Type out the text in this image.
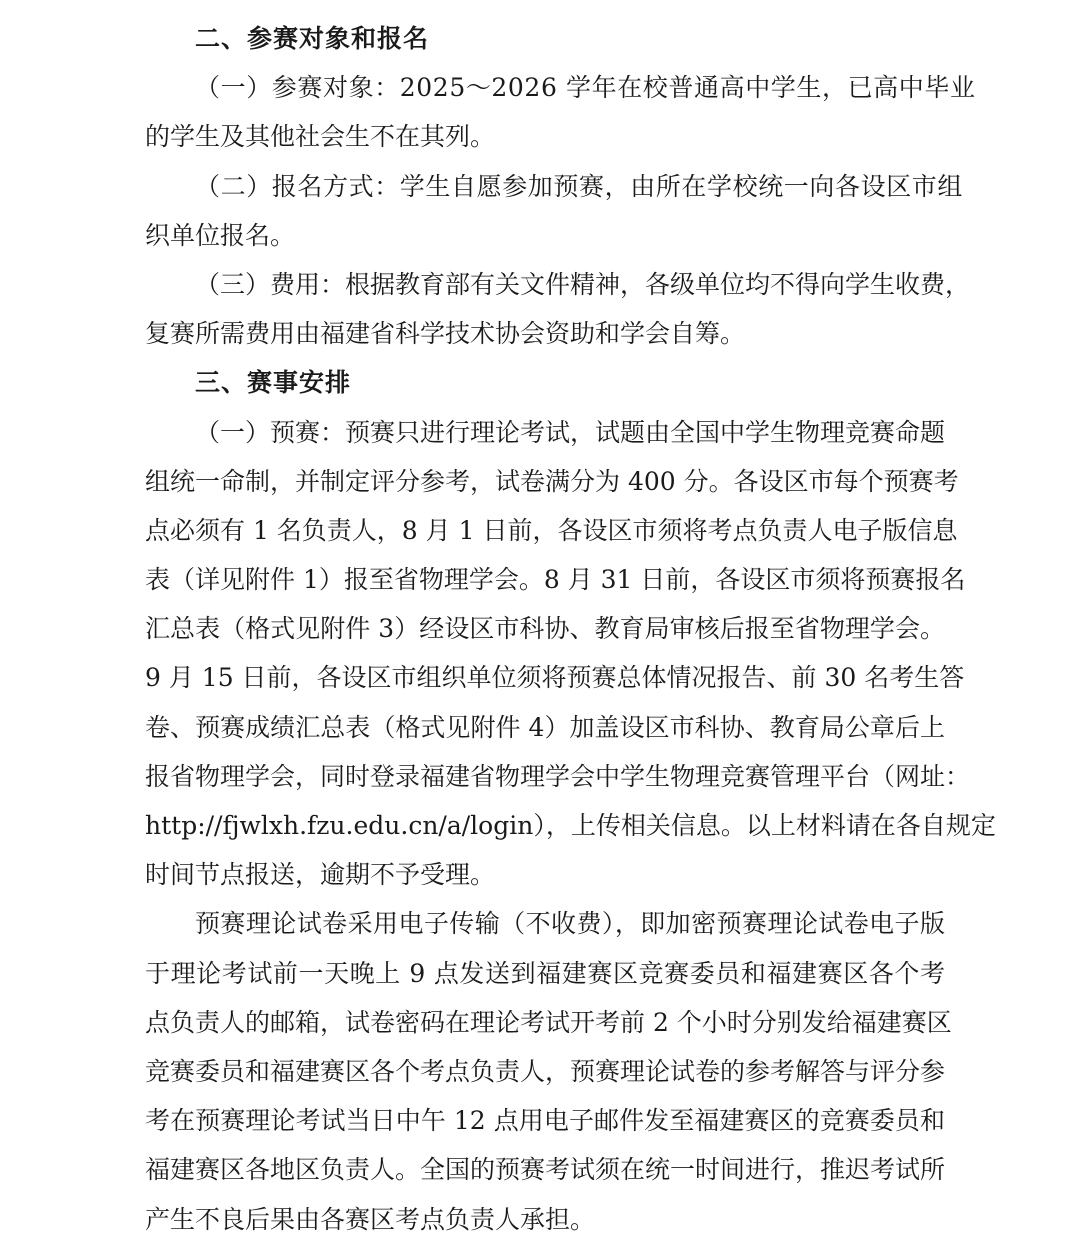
二、参赛对象和报名
（一）参赛对象：2025～2026 学年在校普通高中学生，已高中毕业
的学生及其他社会生不在其列。
（二）报名方式：学生自愿参加预赛，由所在学校统一向各设区市组
织单位报名。
（三）费用：根据教育部有关文件精神，各级单位均不得向学生收费，
复赛所需费用由福建省科学技术协会资助和学会自筹。
三、赛事安排
（一）预赛：预赛只进行理论考试，试题由全国中学生物理竞赛命题
组统一命制，并制定评分参考，试卷满分为 400 分。各设区市每个预赛考
点必须有 1 名负责人，8 月 1 日前，各设区市须将考点负责人电子版信息
表（详见附件 1）报至省物理学会。8 月 31 日前，各设区市须将预赛报名
汇总表（格式见附件 3）经设区市科协、教育局审核后报至省物理学会。
9 月 15 日前，各设区市组织单位须将预赛总体情况报告、前 30 名考生答
卷、预赛成绩汇总表（格式见附件 4）加盖设区市科协、教育局公章后上
报省物理学会，同时登录福建省物理学会中学生物理竞赛管理平台（网址：
http://fjwlxh.fzu.edu.cn/a/login），上传相关信息。以上材料请在各自规定
时间节点报送，逾期不予受理。
预赛理论试卷采用电子传输（不收费），即加密预赛理论试卷电子版
于理论考试前一天晚上 9 点发送到福建赛区竞赛委员和福建赛区各个考
点负责人的邮箱，试卷密码在理论考试开考前 2 个小时分别发给福建赛区
竞赛委员和福建赛区各个考点负责人，预赛理论试卷的参考解答与评分参
考在预赛理论考试当日中午 12 点用电子邮件发至福建赛区的竞赛委员和
福建赛区各地区负责人。全国的预赛考试须在统一时间进行，推迟考试所
产生不良后果由各赛区考点负责人承担。
